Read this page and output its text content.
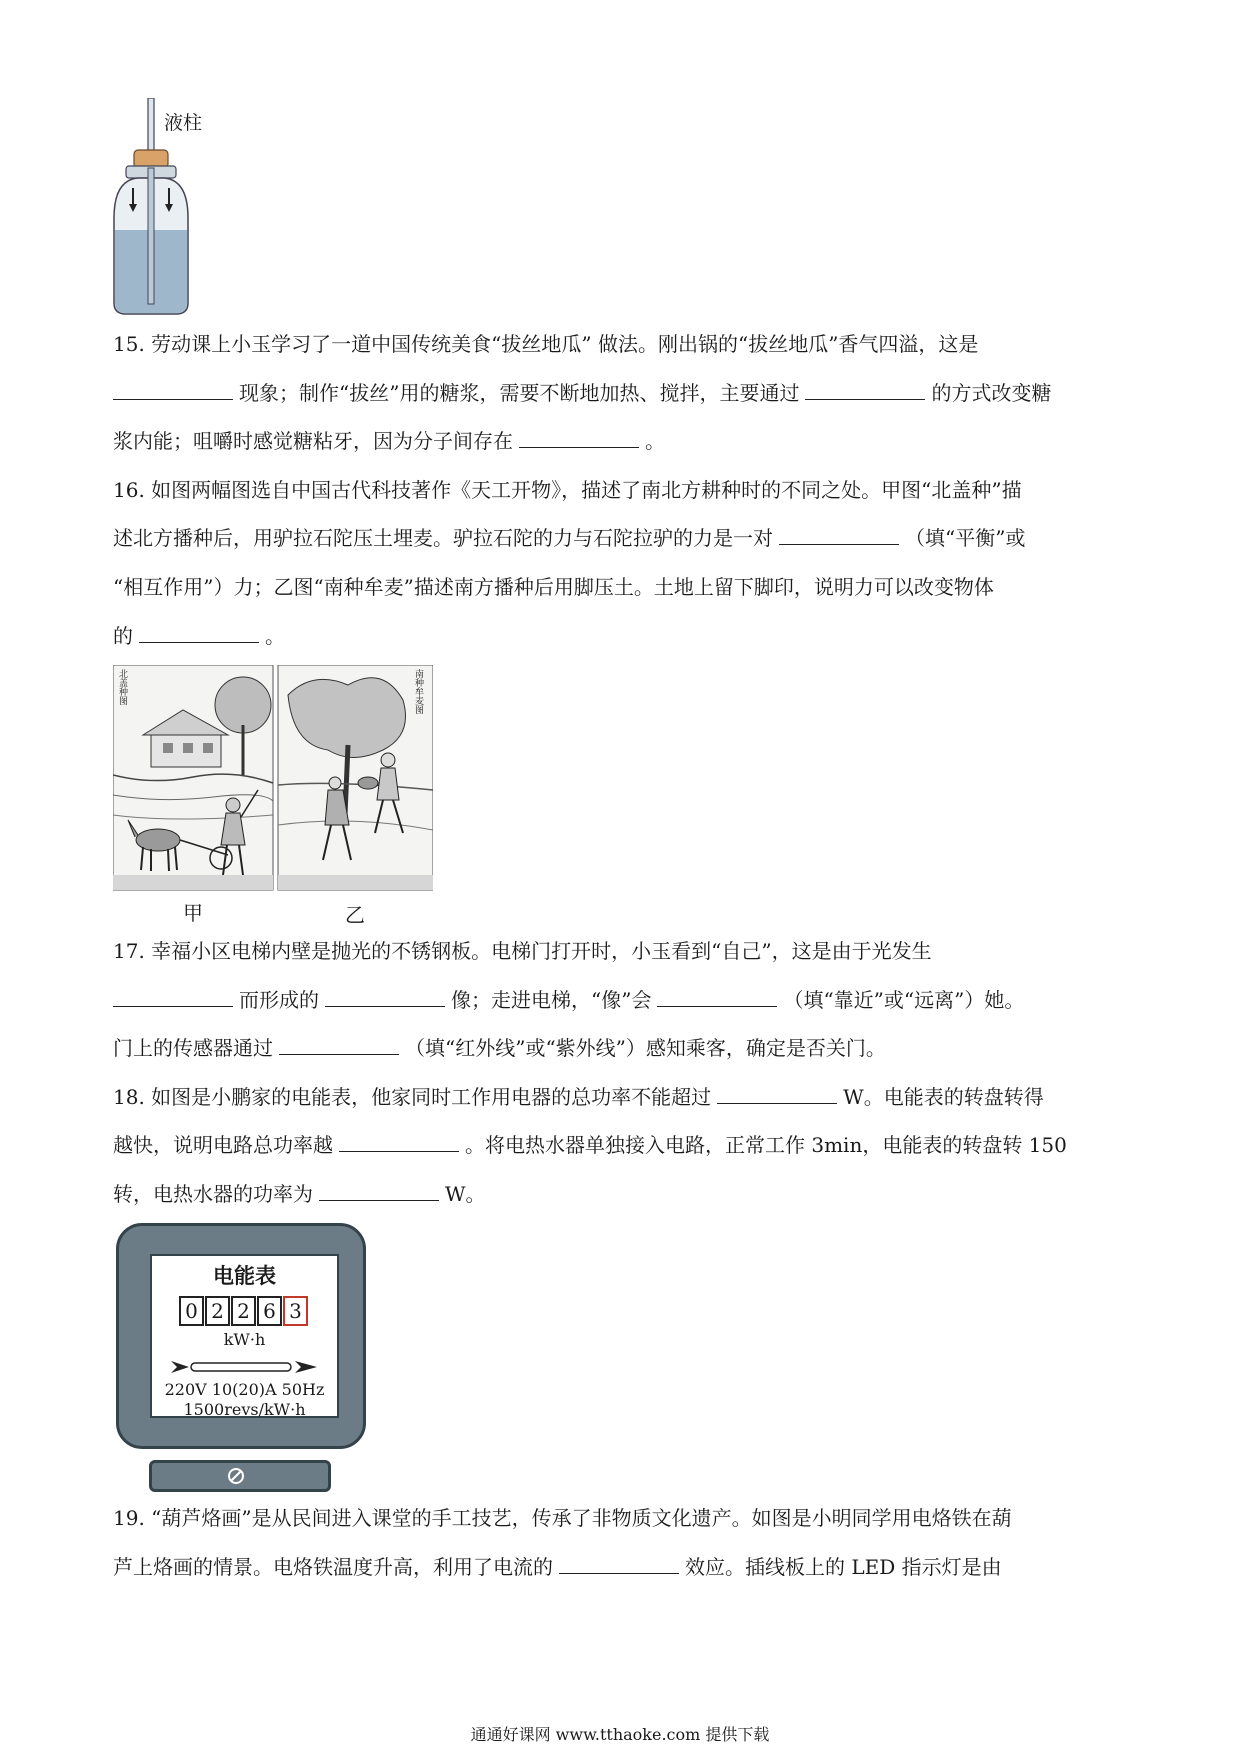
液柱
15. 劳动课上小玉学习了一道中国传统美食“拔丝地瓜” 做法。刚出锅的“拔丝地瓜”香气四溢，这是
现象；制作“拔丝”用的糖浆，需要不断地加热、搅拌，主要通过	的方式改变糖
浆内能；咀嚼时感觉糖粘牙，因为分子间存在	。
16. 如图两幅图选自中国古代科技著作《天工开物》，描述了南北方耕种时的不同之处。甲图“北盖种”描
述北方播种后，用驴拉石陀压土埋麦。驴拉石陀的力与石陀拉驴的力是一对	（填“平衡”或
“相互作用”）力；乙图“南种牟麦”描述南方播种后用脚压土。土地上留下脚印，说明力可以改变物体
的	。
北盖种图	南种牟麦图
甲	乙
17. 幸福小区电梯内壁是抛光的不锈钢板。电梯门打开时，小玉看到“自己”，这是由于光发生
而形成的	像；走进电梯，“像”会	（填“靠近”或“远离”）她。
门上的传感器通过	（填“红外线”或“紫外线”）感知乘客，确定是否关门。
18. 如图是小鹏家的电能表，他家同时工作用电器的总功率不能超过	W。电能表的转盘转得
越快，说明电路总功率越	。将电热水器单独接入电路，正常工作 3min，电能表的转盘转 150
转，电热水器的功率为	W。
电能表
0 2 2 6 3
kW·h
220V 10(20)A 50Hz
1500revs/kW·h
19. “葫芦烙画”是从民间进入课堂的手工技艺，传承了非物质文化遗产。如图是小明同学用电烙铁在葫
芦上烙画的情景。电烙铁温度升高，利用了电流的	效应。插线板上的 LED 指示灯是由
通通好课网 www.tthaoke.com 提供下载
